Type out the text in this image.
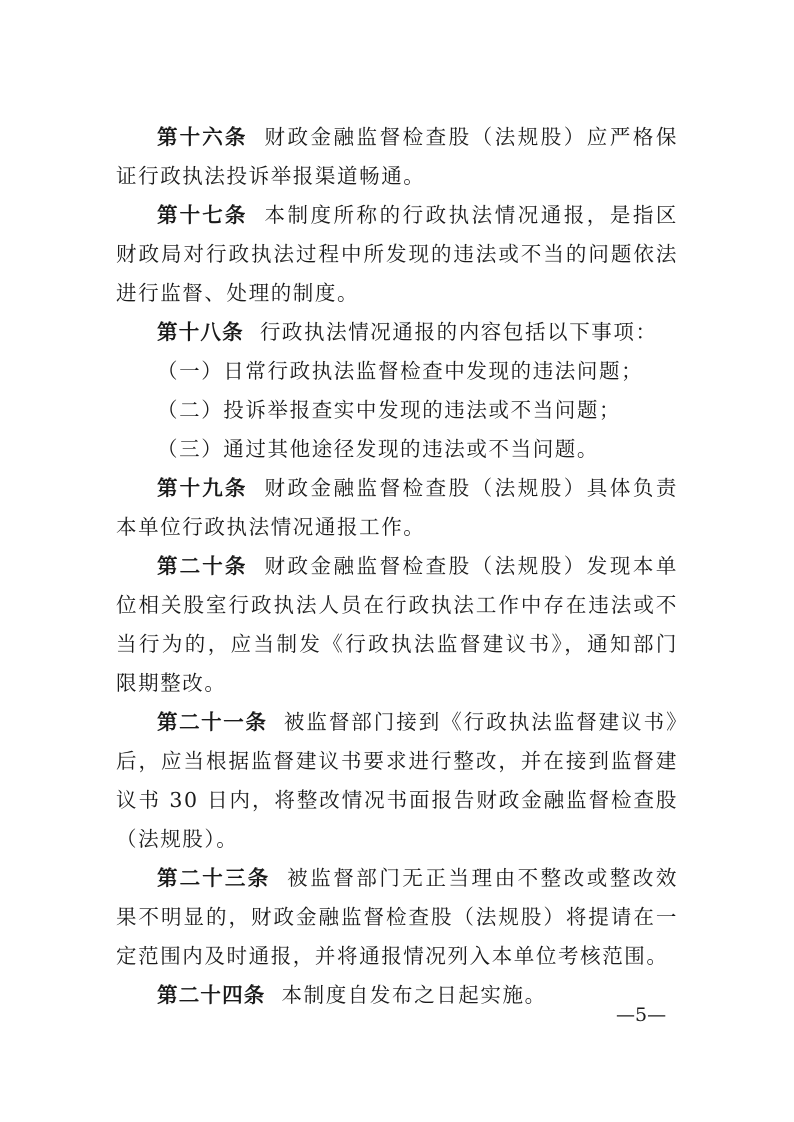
第十六条 财政金融监督检查股（法规股）应严格保证行政执法投诉举报渠道畅通。

第十七条 本制度所称的行政执法情况通报，是指区财政局对行政执法过程中所发现的违法或不当的问题依法进行监督、处理的制度。

第十八条 行政执法情况通报的内容包括以下事项：

（一）日常行政执法监督检查中发现的违法问题；

（二）投诉举报查实中发现的违法或不当问题；

（三）通过其他途径发现的违法或不当问题。

第十九条 财政金融监督检查股（法规股）具体负责本单位行政执法情况通报工作。

第二十条 财政金融监督检查股（法规股）发现本单位相关股室行政执法人员在行政执法工作中存在违法或不当行为的，应当制发《行政执法监督建议书》，通知部门限期整改。

第二十一条 被监督部门接到《行政执法监督建议书》后，应当根据监督建议书要求进行整改，并在接到监督建议书 30 日内，将整改情况书面报告财政金融监督检查股（法规股）。

第二十三条 被监督部门无正当理由不整改或整改效果不明显的，财政金融监督检查股（法规股）将提请在一定范围内及时通报，并将通报情况列入本单位考核范围。

第二十四条 本制度自发布之日起实施。

—5—
